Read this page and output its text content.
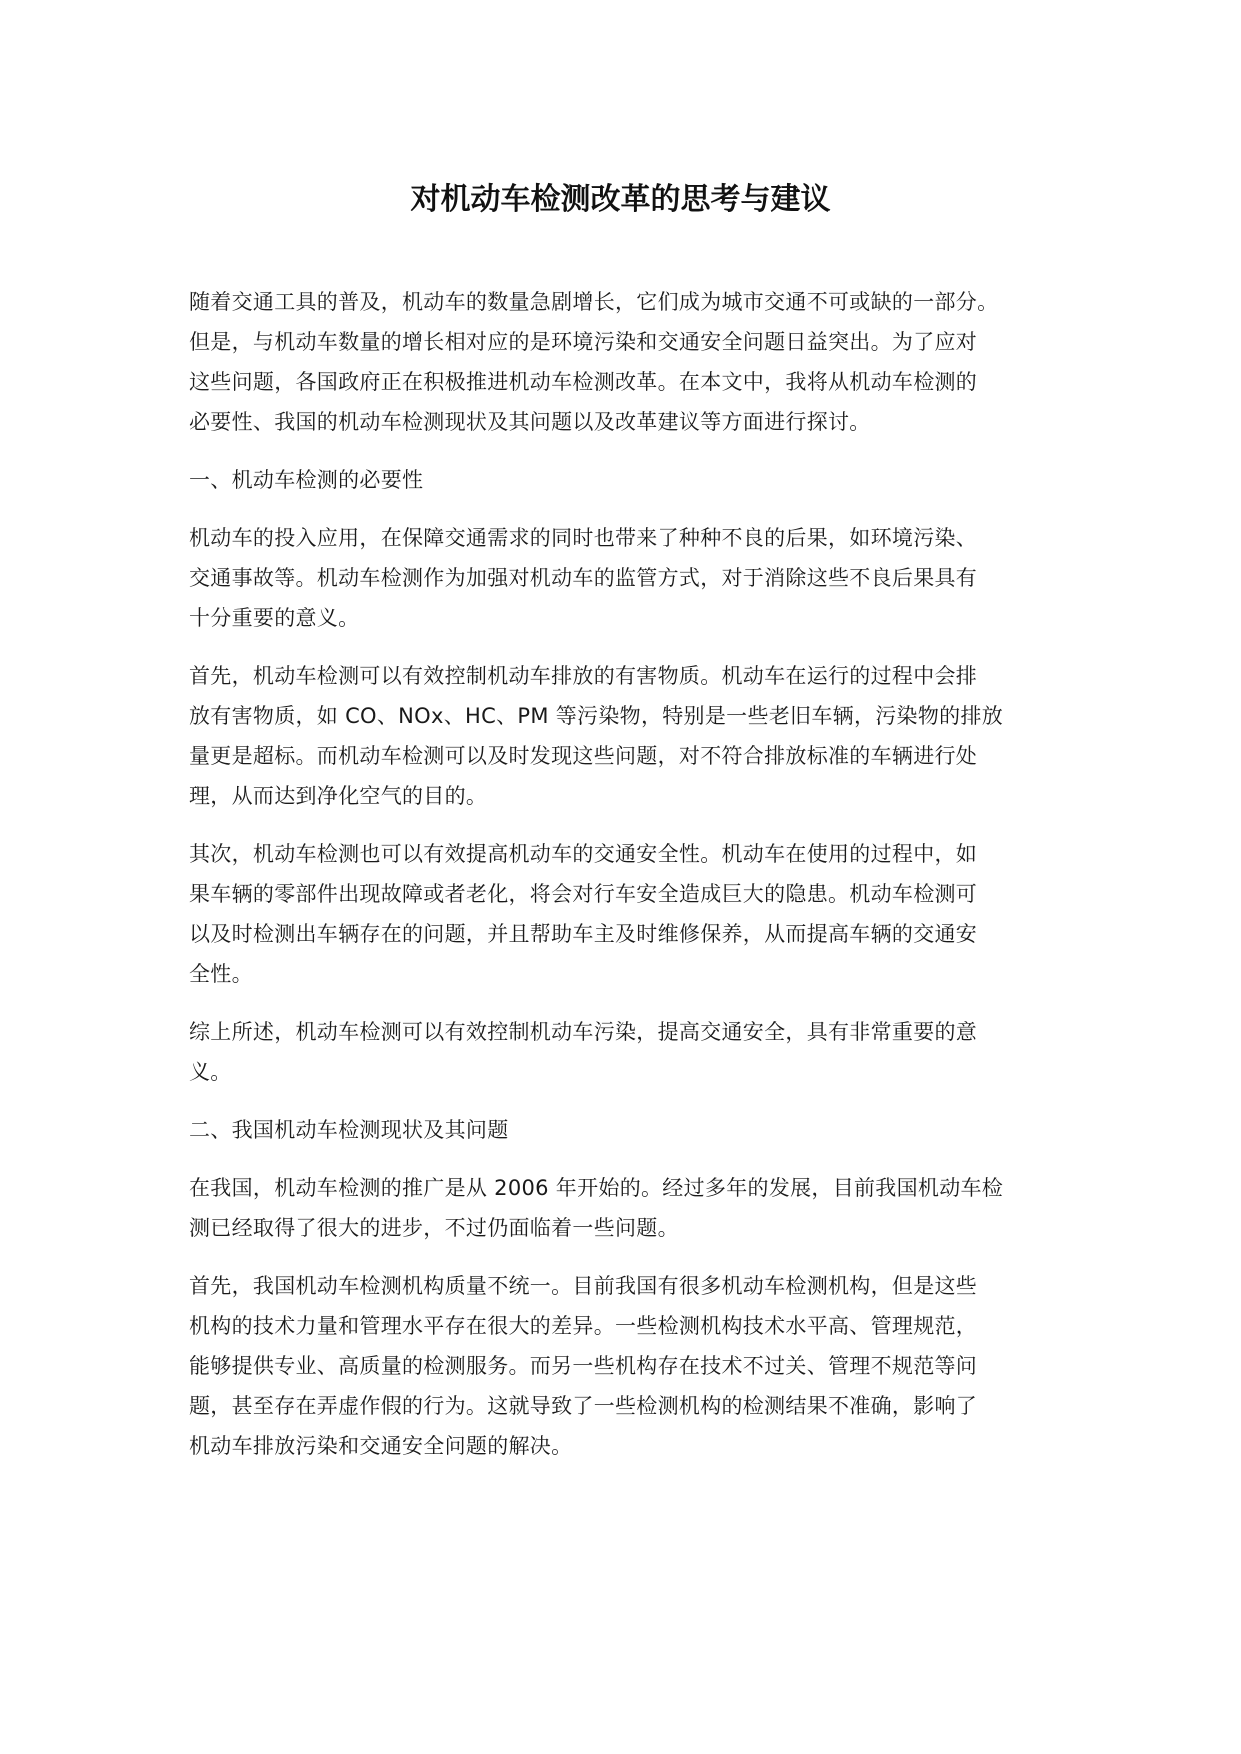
对机动车检测改革的思考与建议
随着交通工具的普及，机动车的数量急剧增长，它们成为城市交通不可或缺的一部分。
但是，与机动车数量的增长相对应的是环境污染和交通安全问题日益突出。为了应对
这些问题，各国政府正在积极推进机动车检测改革。在本文中，我将从机动车检测的
必要性、我国的机动车检测现状及其问题以及改革建议等方面进行探讨。
一、机动车检测的必要性
机动车的投入应用，在保障交通需求的同时也带来了种种不良的后果，如环境污染、
交通事故等。机动车检测作为加强对机动车的监管方式，对于消除这些不良后果具有
十分重要的意义。
首先，机动车检测可以有效控制机动车排放的有害物质。机动车在运行的过程中会排
放有害物质，如 CO、NOx、HC、PM 等污染物，特别是一些老旧车辆，污染物的排放
量更是超标。而机动车检测可以及时发现这些问题，对不符合排放标准的车辆进行处
理，从而达到净化空气的目的。
其次，机动车检测也可以有效提高机动车的交通安全性。机动车在使用的过程中，如
果车辆的零部件出现故障或者老化，将会对行车安全造成巨大的隐患。机动车检测可
以及时检测出车辆存在的问题，并且帮助车主及时维修保养，从而提高车辆的交通安
全性。
综上所述，机动车检测可以有效控制机动车污染，提高交通安全，具有非常重要的意
义。
二、我国机动车检测现状及其问题
在我国，机动车检测的推广是从 2006 年开始的。经过多年的发展，目前我国机动车检
测已经取得了很大的进步，不过仍面临着一些问题。
首先，我国机动车检测机构质量不统一。目前我国有很多机动车检测机构，但是这些
机构的技术力量和管理水平存在很大的差异。一些检测机构技术水平高、管理规范，
能够提供专业、高质量的检测服务。而另一些机构存在技术不过关、管理不规范等问
题，甚至存在弄虚作假的行为。这就导致了一些检测机构的检测结果不准确，影响了
机动车排放污染和交通安全问题的解决。
